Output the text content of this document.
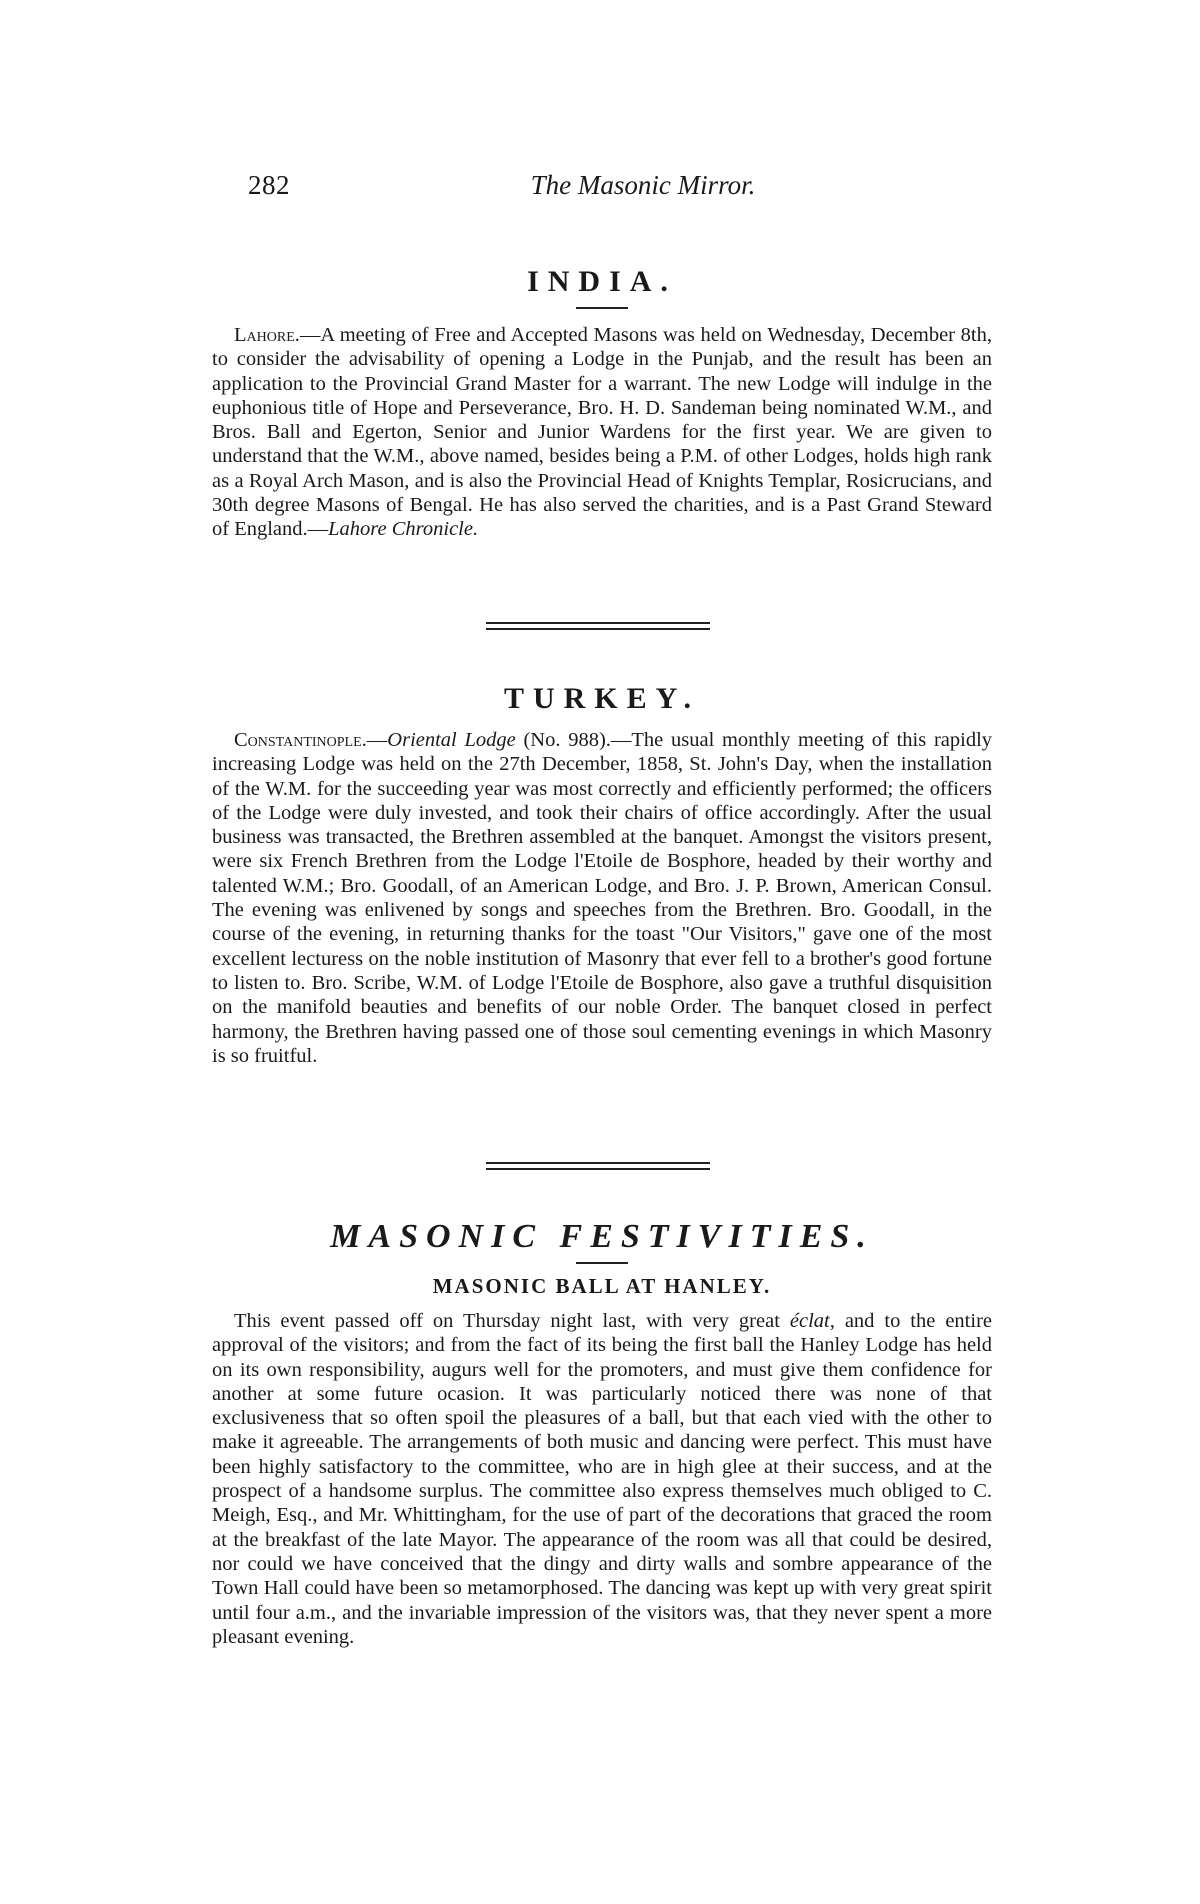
282	The Masonic Mirror.
INDIA.

Lahore.—A meeting of Free and Accepted Masons was held on Wednesday, December 8th, to consider the advisability of opening a Lodge in the Punjab, and the result has been an application to the Provincial Grand Master for a warrant. The new Lodge will indulge in the euphonious title of Hope and Perseverance, Bro. H. D. Sandeman being nominated W.M., and Bros. Ball and Egerton, Senior and Junior Wardens for the first year. We are given to understand that the W.M., above named, besides being a P.M. of other Lodges, holds high rank as a Royal Arch Mason, and is also the Provincial Head of Knights Templar, Rosicrucians, and 30th degree Masons of Bengal. He has also served the charities, and is a Past Grand Steward of England.—Lahore Chronicle.

TURKEY.

Constantinople.—Oriental Lodge (No. 988).—The usual monthly meeting of this rapidly increasing Lodge was held on the 27th December, 1858, St. John's Day, when the installation of the W.M. for the succeeding year was most correctly and efficiently performed; the officers of the Lodge were duly invested, and took their chairs of office accordingly. After the usual business was transacted, the Brethren assembled at the banquet. Amongst the visitors present, were six French Brethren from the Lodge l'Etoile de Bosphore, headed by their worthy and talented W.M.; Bro. Goodall, of an American Lodge, and Bro. J. P. Brown, American Consul. The evening was enlivened by songs and speeches from the Brethren. Bro. Goodall, in the course of the evening, in returning thanks for the toast "Our Visitors," gave one of the most excellent lecturess on the noble institution of Masonry that ever fell to a brother's good fortune to listen to. Bro. Scribe, W.M. of Lodge l'Etoile de Bosphore, also gave a truthful disquisition on the manifold beauties and benefits of our noble Order. The banquet closed in perfect harmony, the Brethren having passed one of those soul cementing evenings in which Masonry is so fruitful.

MASONIC FESTIVITIES.
MASONIC BALL AT HANLEY.

This event passed off on Thursday night last, with very great éclat, and to the entire approval of the visitors; and from the fact of its being the first ball the Hanley Lodge has held on its own responsibility, augurs well for the promoters, and must give them confidence for another at some future ocasion. It was particularly noticed there was none of that exclusiveness that so often spoil the pleasures of a ball, but that each vied with the other to make it agreeable. The arrangements of both music and dancing were perfect. This must have been highly satisfactory to the committee, who are in high glee at their success, and at the prospect of a handsome surplus. The committee also express themselves much obliged to C. Meigh, Esq., and Mr. Whittingham, for the use of part of the decorations that graced the room at the breakfast of the late Mayor. The appearance of the room was all that could be desired, nor could we have conceived that the dingy and dirty walls and sombre appearance of the Town Hall could have been so metamorphosed. The dancing was kept up with very great spirit until four a.m., and the invariable impression of the visitors was, that they never spent a more pleasant evening.
